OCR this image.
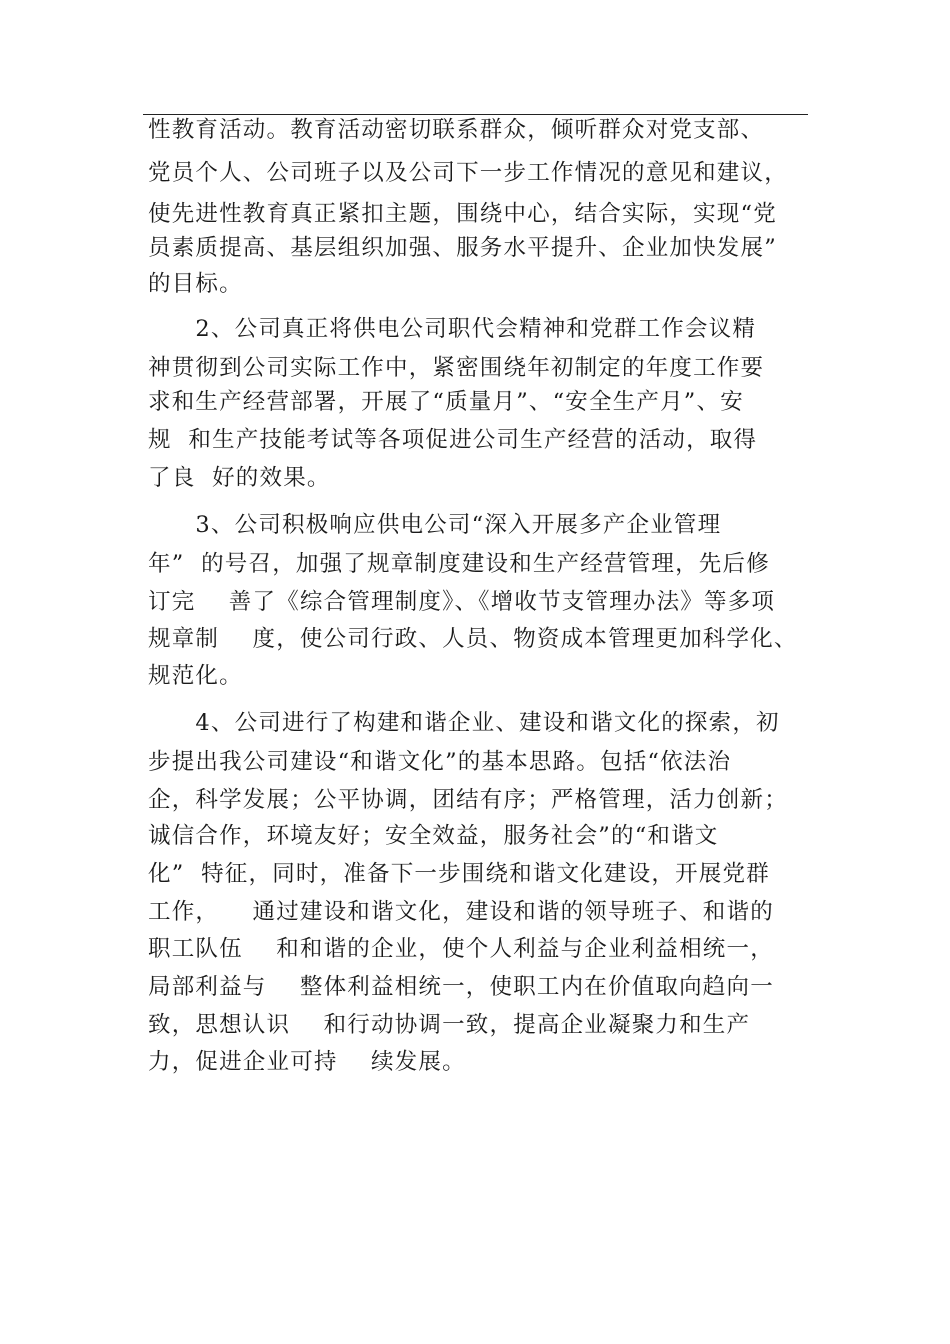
性教育活动。教育活动密切联系群众，倾听群众对党支部、
党员个人、公司班子以及公司下一步工作情况的意见和建议，
使先进性教育真正紧扣主题，围绕中心，结合实际，实现“党
员素质提高、基层组织加强、服务水平提升、企业加快发展”
的目标。
　　2、公司真正将供电公司职代会精神和党群工作会议精
神贯彻到公司实际工作中，紧密围绕年初制定的年度工作要
求和生产经营部署，开展了“质量月”、“安全生产月”、安
规  和生产技能考试等各项促进公司生产经营的活动，取得
了良  好的效果。
　　3、公司积极响应供电公司“深入开展多产企业管理
年”  的号召，加强了规章制度建设和生产经营管理，先后修
订完    善了《综合管理制度》、《增收节支管理办法》等多项
规章制    度，使公司行政、人员、物资成本管理更加科学化、
规范化。
　　4、公司进行了构建和谐企业、建设和谐文化的探索，初
步提出我公司建设“和谐文化”的基本思路。包括“依法治
企，科学发展；公平协调，团结有序；严格管理，活力创新；
诚信合作，环境友好；安全效益，服务社会”的“和谐文
化”  特征，同时，准备下一步围绕和谐文化建设，开展党群
工作，    通过建设和谐文化，建设和谐的领导班子、和谐的
职工队伍    和和谐的企业，使个人利益与企业利益相统一，
局部利益与    整体利益相统一，使职工内在价值取向趋向一
致，思想认识    和行动协调一致，提高企业凝聚力和生产
力，促进企业可持    续发展。
